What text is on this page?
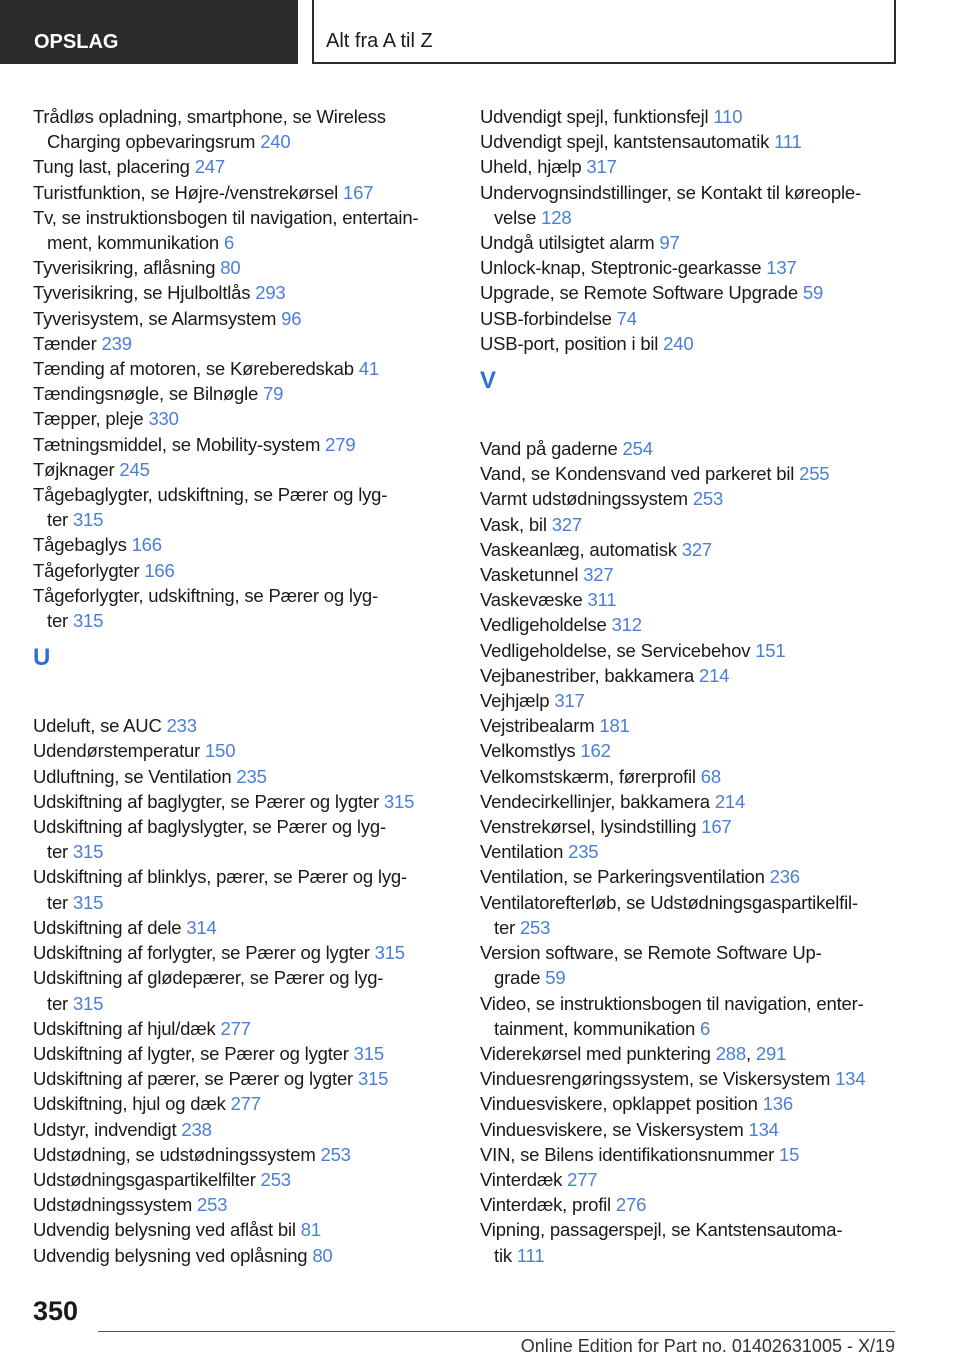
OPSLAG	Alt fra A til Z
Trådløs opladning, smartphone, se Wireless
Charging opbevaringsrum 240
Tung last, placering 247
Turistfunktion, se Højre-/venstrekørsel 167
Tv, se instruktionsbogen til navigation, entertain-
ment, kommunikation 6
Tyverisikring, aflåsning 80
Tyverisikring, se Hjulboltlås 293
Tyverisystem, se Alarmsystem 96
Tænder 239
Tænding af motoren, se Køreberedskab 41
Tændingsnøgle, se Bilnøgle 79
Tæpper, pleje 330
Tætningsmiddel, se Mobility-system 279
Tøjknager 245
Tågebaglygter, udskiftning, se Pærer og lyg-
ter 315
Tågebaglys 166
Tågeforlygter 166
Tågeforlygter, udskiftning, se Pærer og lyg-
ter 315
U
Udeluft, se AUC 233
Udendørstemperatur 150
Udluftning, se Ventilation 235
Udskiftning af baglygter, se Pærer og lygter 315
Udskiftning af baglyslygter, se Pærer og lyg-
ter 315
Udskiftning af blinklys, pærer, se Pærer og lyg-
ter 315
Udskiftning af dele 314
Udskiftning af forlygter, se Pærer og lygter 315
Udskiftning af glødepærer, se Pærer og lyg-
ter 315
Udskiftning af hjul/dæk 277
Udskiftning af lygter, se Pærer og lygter 315
Udskiftning af pærer, se Pærer og lygter 315
Udskiftning, hjul og dæk 277
Udstyr, indvendigt 238
Udstødning, se udstødningssystem 253
Udstødningsgaspartikelfilter 253
Udstødningssystem 253
Udvendig belysning ved aflåst bil 81
Udvendig belysning ved oplåsning 80
Udvendigt spejl, funktionsfejl 110
Udvendigt spejl, kantstensautomatik 111
Uheld, hjælp 317
Undervognsindstillinger, se Kontakt til køreople-
velse 128
Undgå utilsigtet alarm 97
Unlock-knap, Steptronic-gearkasse 137
Upgrade, se Remote Software Upgrade 59
USB-forbindelse 74
USB-port, position i bil 240
V
Vand på gaderne 254
Vand, se Kondensvand ved parkeret bil 255
Varmt udstødningssystem 253
Vask, bil 327
Vaskeanlæg, automatisk 327
Vasketunnel 327
Vaskevæske 311
Vedligeholdelse 312
Vedligeholdelse, se Servicebehov 151
Vejbanestriber, bakkamera 214
Vejhjælp 317
Vejstribealarm 181
Velkomstlys 162
Velkomstskærm, førerprofil 68
Vendecirkellinjer, bakkamera 214
Venstrekørsel, lysindstilling 167
Ventilation 235
Ventilation, se Parkeringsventilation 236
Ventilatorefterløb, se Udstødningsgaspartikelfil-
ter 253
Version software, se Remote Software Up-
grade 59
Video, se instruktionsbogen til navigation, enter-
tainment, kommunikation 6
Viderekørsel med punktering 288, 291
Vinduesrengøringssystem, se Viskersystem 134
Vinduesviskere, opklappet position 136
Vinduesviskere, se Viskersystem 134
VIN, se Bilens identifikationsnummer 15
Vinterdæk 277
Vinterdæk, profil 276
Vipning, passagerspejl, se Kantstensautoma-
tik 111
350
Online Edition for Part no. 01402631005 - X/19
